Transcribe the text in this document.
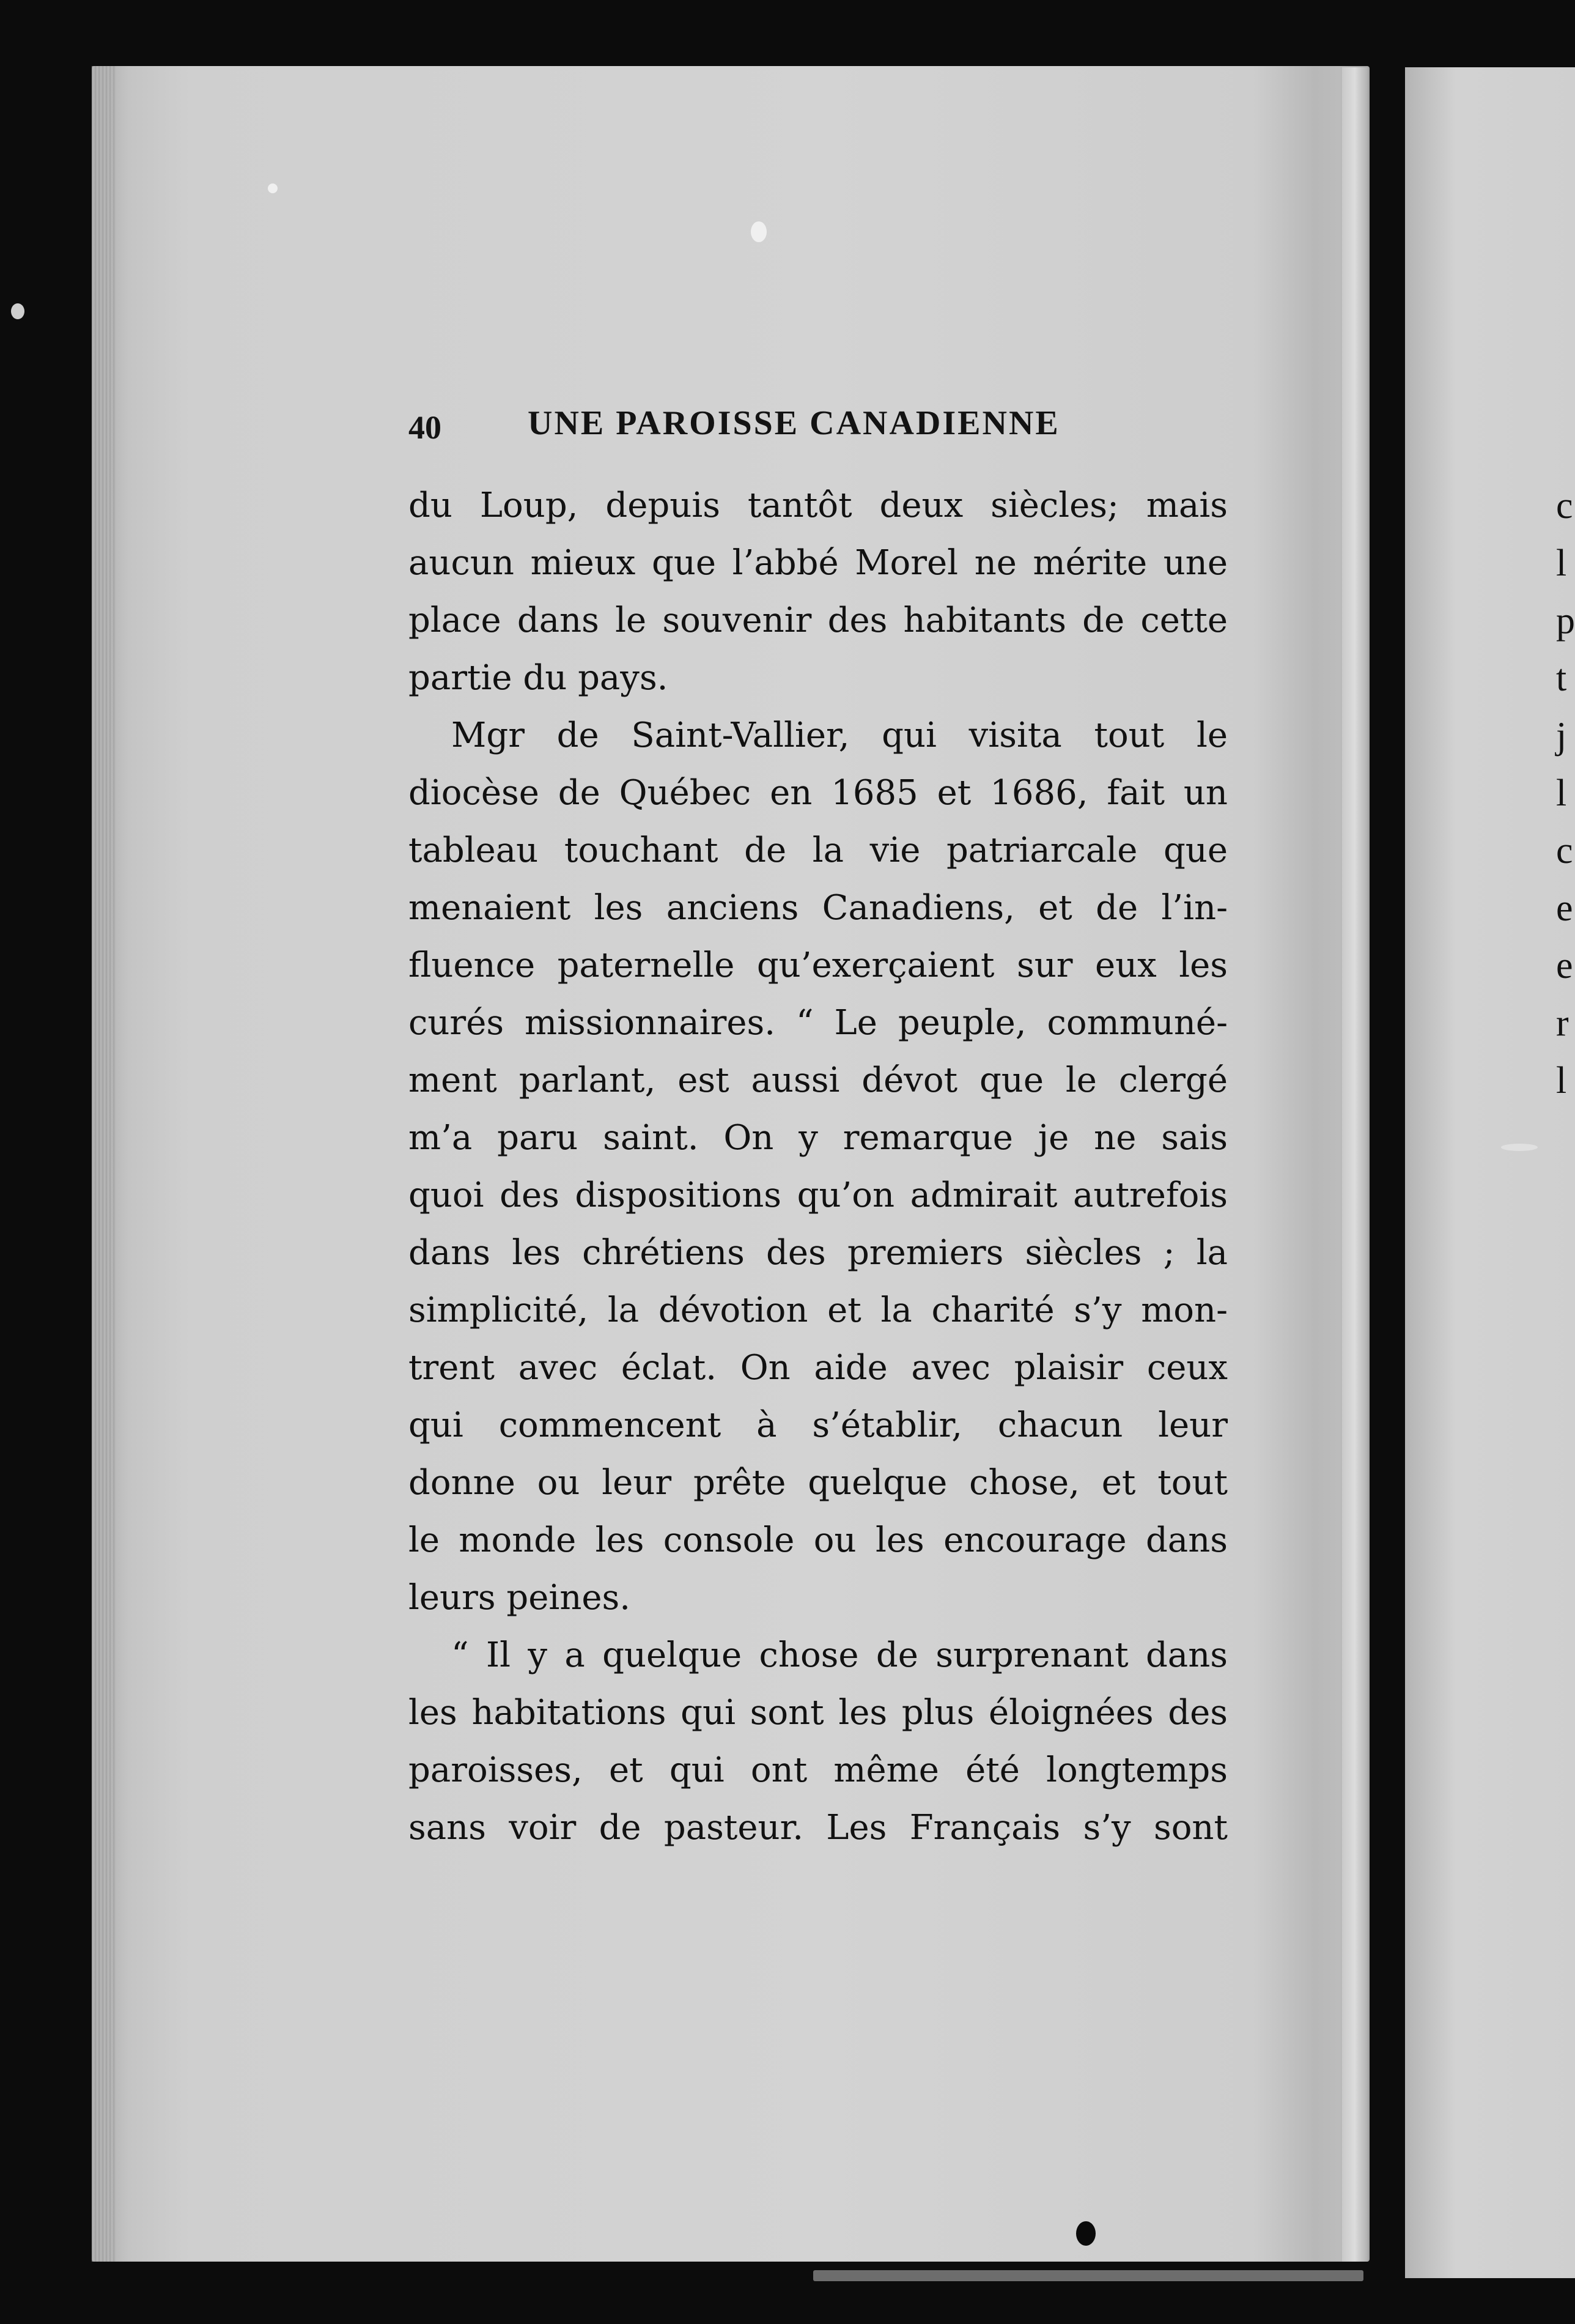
c
l
p
t
j
l
c
e
e
r
l
40	UNE PAROISSE CANADIENNE

du Loup, depuis tantôt deux siècles; mais
aucun mieux que l’abbé Morel ne mérite une
place dans le souvenir des habitants de cette
partie du pays.

Mgr de Saint-Vallier, qui visita tout le
diocèse de Québec en 1685 et 1686, fait un
tableau touchant de la vie patriarcale que
menaient les anciens Canadiens, et de l’in-
fluence paternelle qu’exerçaient sur eux les
curés missionnaires. “ Le peuple, communé-
ment parlant, est aussi dévot que le clergé
m’a paru saint. On y remarque je ne sais
quoi des dispositions qu’on admirait autrefois
dans les chrétiens des premiers siècles ; la
simplicité, la dévotion et la charité s’y mon-
trent avec éclat. On aide avec plaisir ceux
qui commencent à s’établir, chacun leur
donne ou leur prête quelque chose, et tout
le monde les console ou les encourage dans
leurs peines.

“ Il y a quelque chose de surprenant dans
les habitations qui sont les plus éloignées des
paroisses, et qui ont même été longtemps
sans voir de pasteur. Les Français s’y sont
